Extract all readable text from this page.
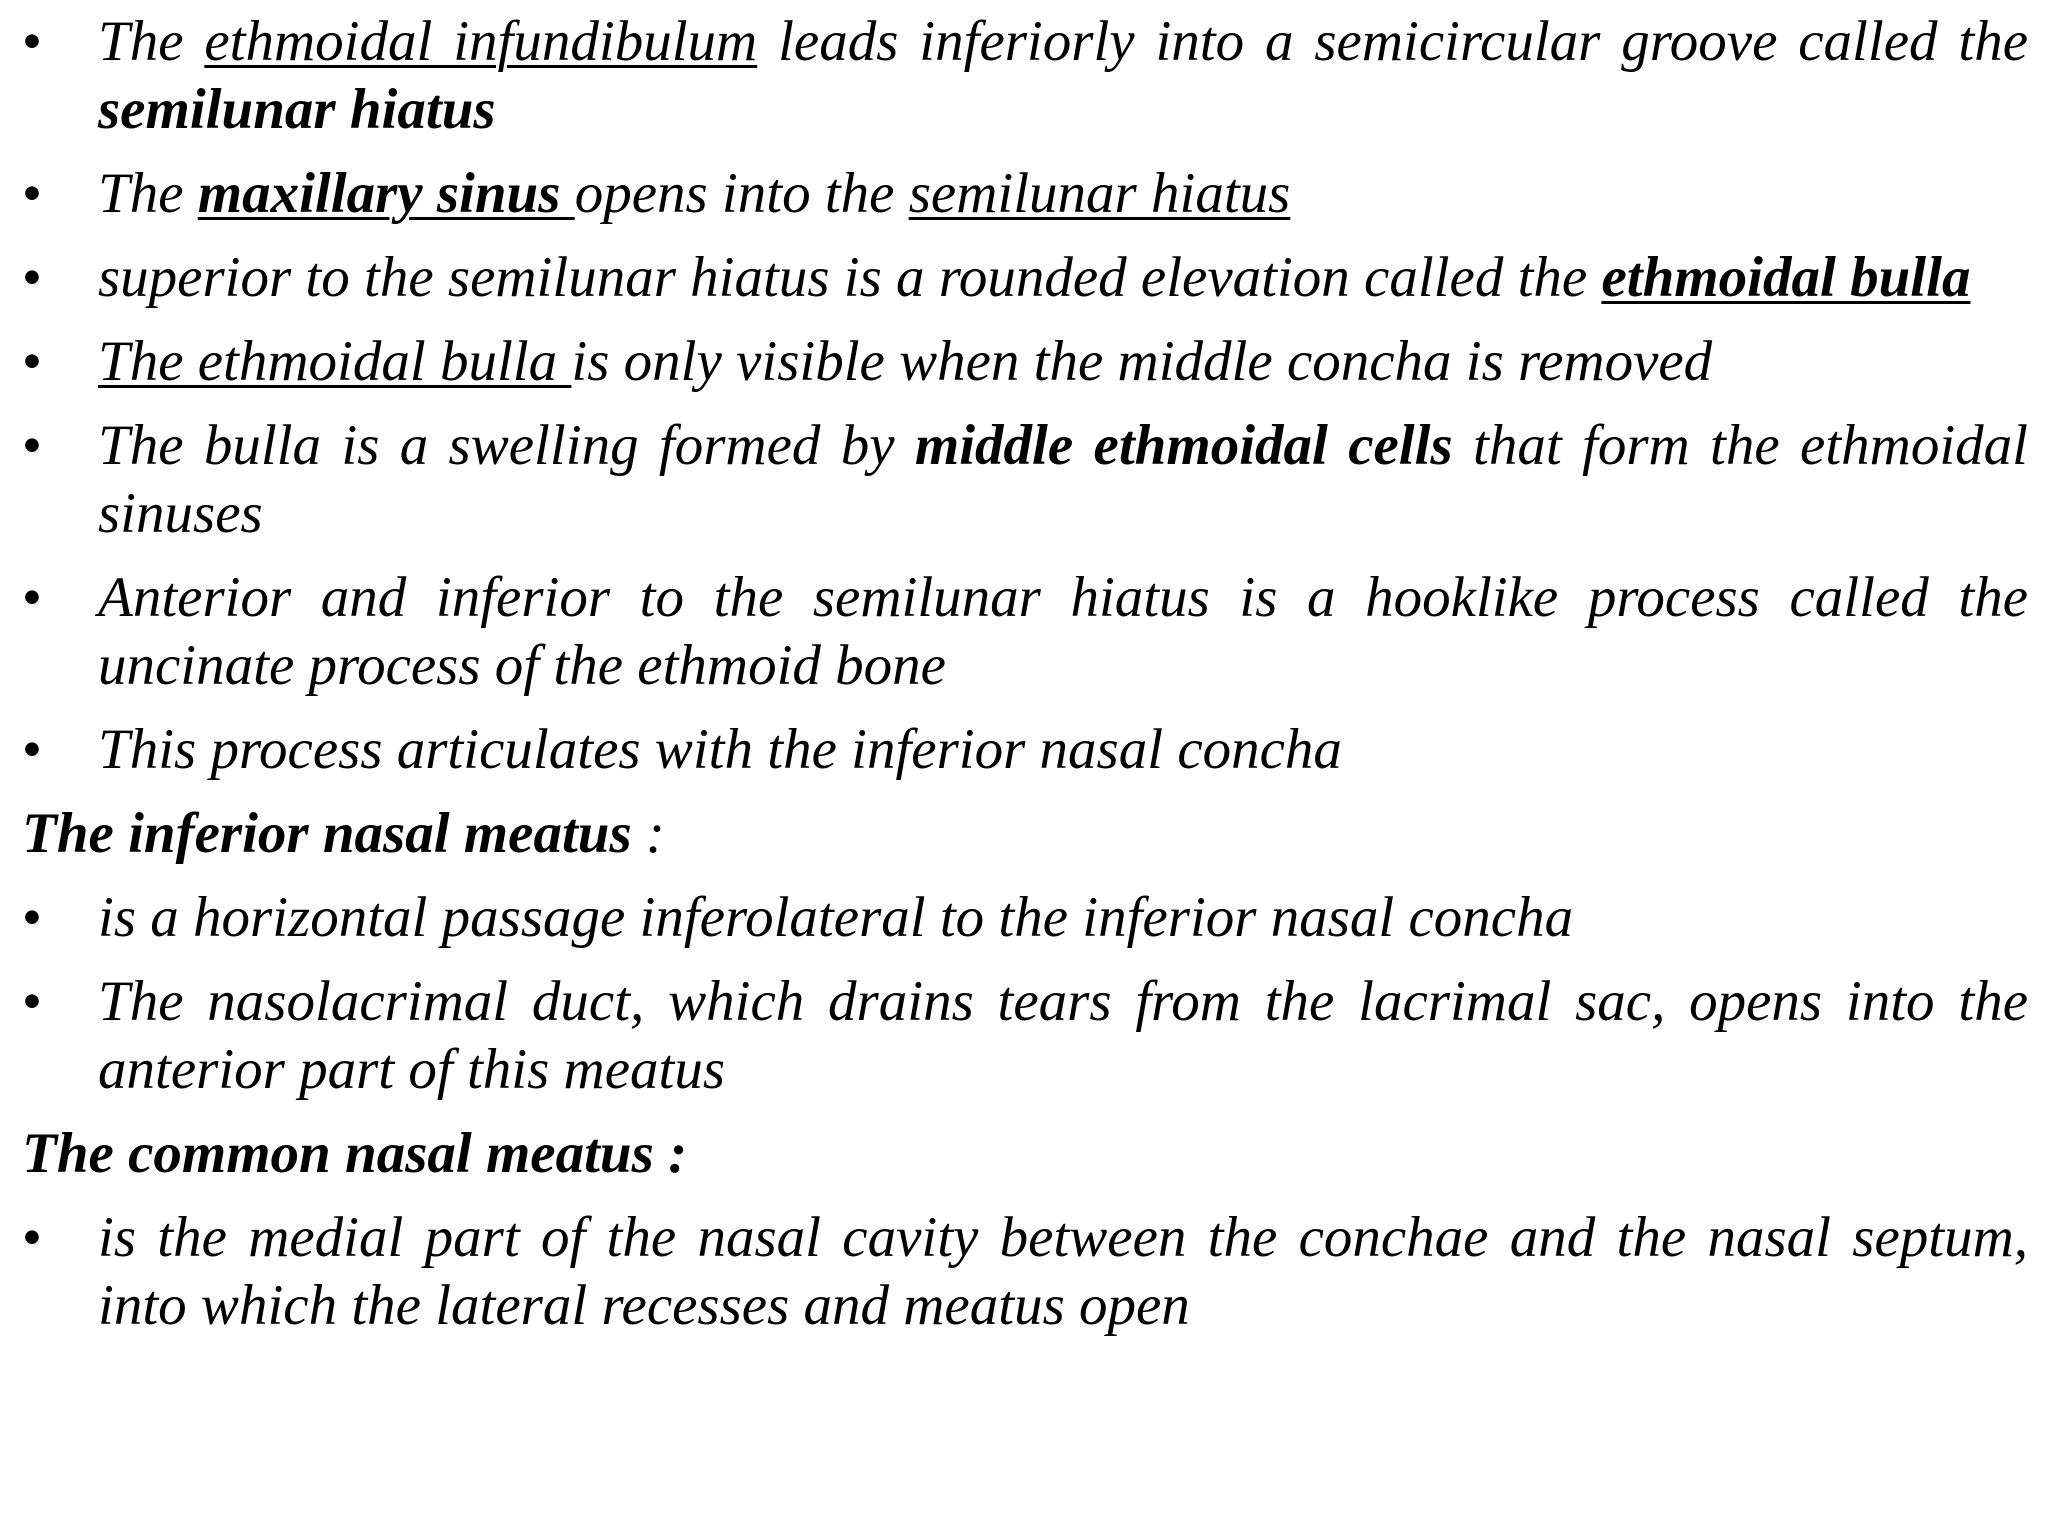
• The ethmoidal infundibulum leads inferiorly into a semicircular groove called the semilunar hiatus
• The maxillary sinus opens into the semilunar hiatus
• superior to the semilunar hiatus is a rounded elevation called the ethmoidal bulla
• The ethmoidal bulla is only visible when the middle concha is removed
• The bulla is a swelling formed by middle ethmoidal cells that form the ethmoidal sinuses
• Anterior and inferior to the semilunar hiatus is a hooklike process called the uncinate process of the ethmoid bone
• This process articulates with the inferior nasal concha
The inferior nasal meatus :
• is a horizontal passage inferolateral to the inferior nasal concha
• The nasolacrimal duct, which drains tears from the lacrimal sac, opens into the anterior part of this meatus
The common nasal meatus :
• is the medial part of the nasal cavity between the conchae and the nasal septum, into which the lateral recesses and meatus open
